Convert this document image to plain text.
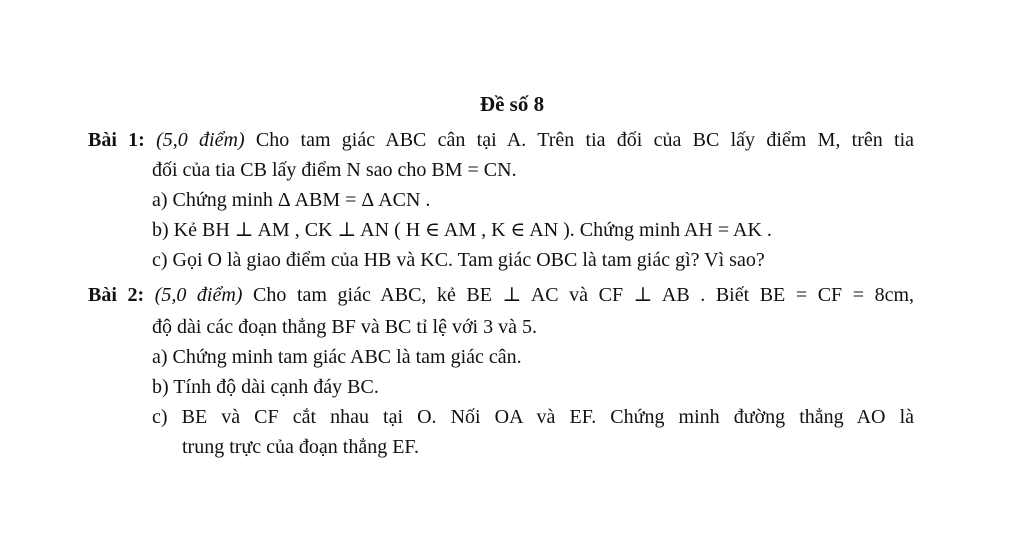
Đề số 8
Bài 1: (5,0 điểm) Cho tam giác ABC cân tại A. Trên tia đối của BC lấy điểm M, trên tia
đối của tia CB lấy điểm N sao cho BM = CN.
a) Chứng minh Δ ABM = Δ ACN .
b) Kẻ BH ⊥ AM , CK ⊥ AN ( H ∈ AM , K ∈ AN ). Chứng minh AH = AK .
c) Gọi O là giao điểm của HB và KC. Tam giác OBC là tam giác gì? Vì sao?
Bài 2: (5,0 điểm) Cho tam giác ABC, kẻ BE ⊥ AC và CF ⊥ AB . Biết BE = CF = 8cm,
độ dài các đoạn thẳng BF và BC tỉ lệ với 3 và 5.
a) Chứng minh tam giác ABC là tam giác cân.
b) Tính độ dài cạnh đáy BC.
c) BE và CF cắt nhau tại O. Nối OA và EF. Chứng minh đường thẳng AO là
trung trực của đoạn thẳng EF.
